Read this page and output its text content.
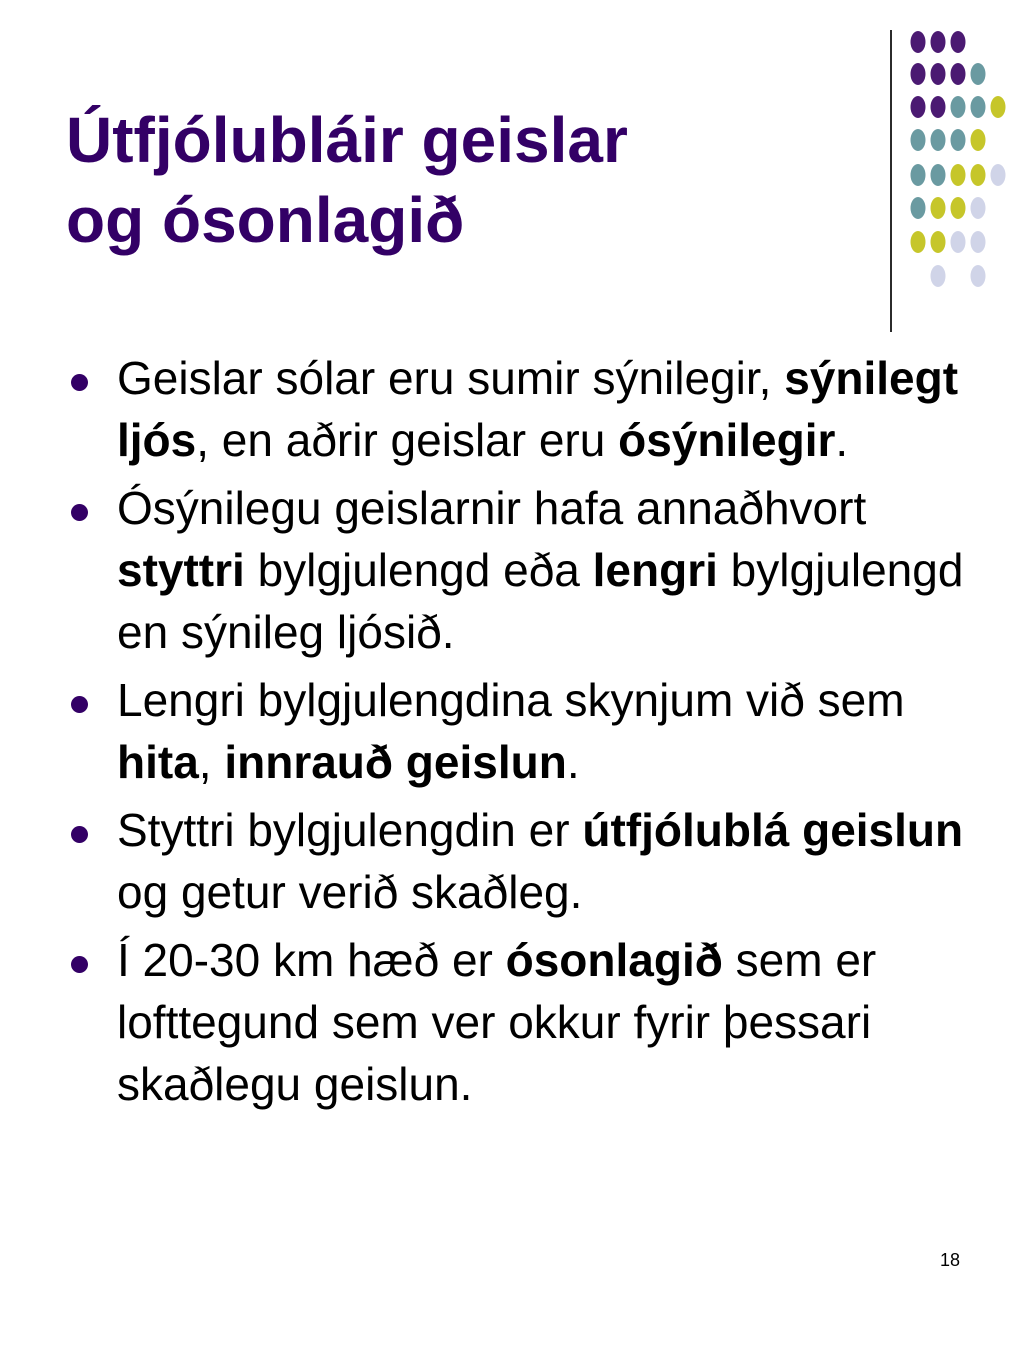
Útfjólubláir geislar
og ósonlagið
Geislar sólar eru sumir sýnilegir, sýnilegt ljós, en aðrir geislar eru ósýnilegir.
Ósýnilegu geislarnir hafa annaðhvort styttri bylgjulengd eða lengri bylgjulengd en sýnileg ljósið.
Lengri bylgjulengdina skynjum við sem hita, innrauð geislun.
Styttri bylgjulengdin er útfjólublá geislun og getur verið skaðleg.
Í 20-30 km hæð er ósonlagið sem er lofttegund sem ver okkur fyrir þessari skaðlegu geislun.
18
